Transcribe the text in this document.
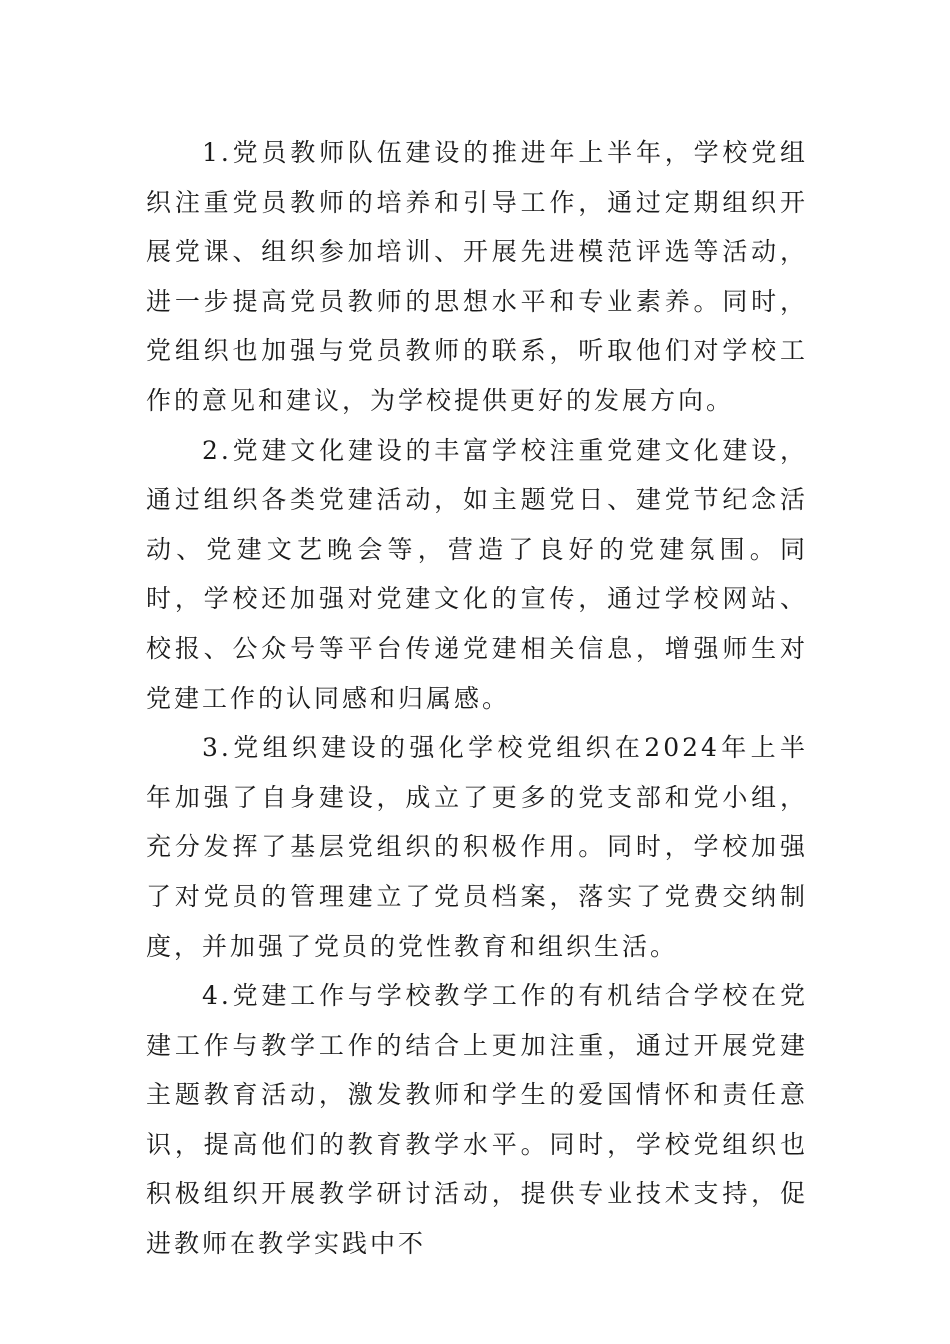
1.党员教师队伍建设的推进年上半年，学校党组织注重党员教师的培养和引导工作，通过定期组织开展党课、组织参加培训、开展先进模范评选等活动，进一步提高党员教师的思想水平和专业素养。同时，党组织也加强与党员教师的联系，听取他们对学校工作的意见和建议，为学校提供更好的发展方向。

2.党建文化建设的丰富学校注重党建文化建设，通过组织各类党建活动，如主题党日、建党节纪念活动、党建文艺晚会等，营造了良好的党建氛围。同时，学校还加强对党建文化的宣传，通过学校网站、校报、公众号等平台传递党建相关信息，增强师生对党建工作的认同感和归属感。

3.党组织建设的强化学校党组织在2024年上半年加强了自身建设，成立了更多的党支部和党小组，充分发挥了基层党组织的积极作用。同时，学校加强了对党员的管理建立了党员档案，落实了党费交纳制度，并加强了党员的党性教育和组织生活。

4.党建工作与学校教学工作的有机结合学校在党建工作与教学工作的结合上更加注重，通过开展党建主题教育活动，激发教师和学生的爱国情怀和责任意识，提高他们的教育教学水平。同时，学校党组织也积极组织开展教学研讨活动，提供专业技术支持，促进教师在教学实践中不
